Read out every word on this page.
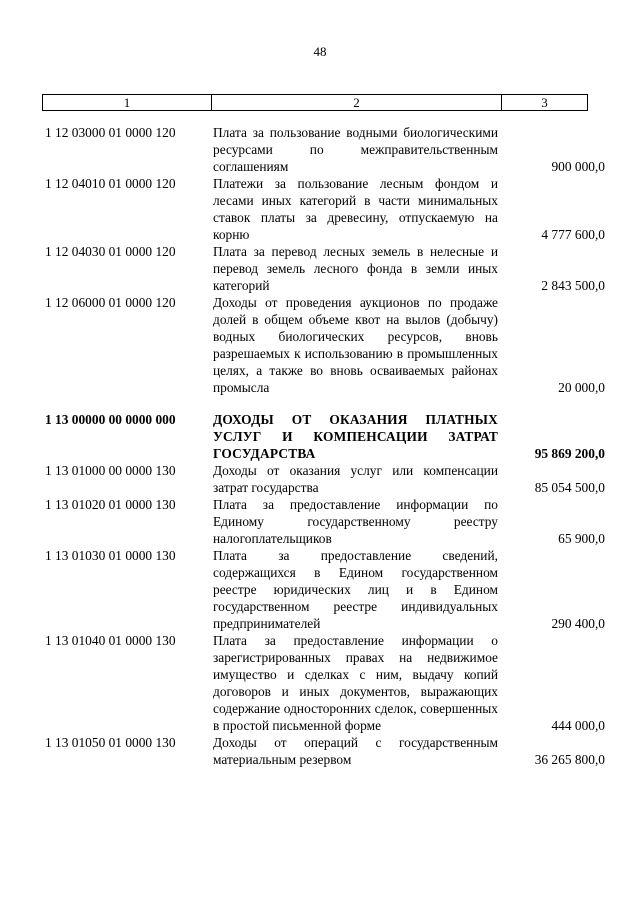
48
1	2	3
1 12 03000 01 0000 120	Плата за пользование водными биологическими ресурсами по межправительственным соглашениям	900 000,0
1 12 04010 01 0000 120	Платежи за пользование лесным фондом и лесами иных категорий в части минимальных ставок платы за древесину, отпускаемую на корню	4 777 600,0
1 12 04030 01 0000 120	Плата за перевод лесных земель в нелесные и перевод земель лесного фонда в земли иных категорий	2 843 500,0
1 12 06000 01 0000 120	Доходы от проведения аукционов по продаже долей в общем объеме квот на вылов (добычу) водных биологических ресурсов, вновь разрешаемых к использованию в промышленных целях, а также во вновь осваиваемых районах промысла	20 000,0
1 13 00000 00 0000 000	ДОХОДЫ ОТ ОКАЗАНИЯ ПЛАТНЫХ УСЛУГ И КОМПЕНСАЦИИ ЗАТРАТ ГОСУДАРСТВА	95 869 200,0
1 13 01000 00 0000 130	Доходы от оказания услуг или компенсации затрат государства	85 054 500,0
1 13 01020 01 0000 130	Плата за предоставление информации по Единому государственному реестру налогоплательщиков	65 900,0
1 13 01030 01 0000 130	Плата за предоставление сведений, содержащихся в Едином государственном реестре юридических лиц и в Едином государственном реестре индивидуальных предпринимателей	290 400,0
1 13 01040 01 0000 130	Плата за предоставление информации о зарегистрированных правах на недвижимое имущество и сделках с ним, выдачу копий договоров и иных документов, выражающих содержание односторонних сделок, совершенных в простой письменной форме	444 000,0
1 13 01050 01 0000 130	Доходы от операций с государственным материальным резервом	36 265 800,0
